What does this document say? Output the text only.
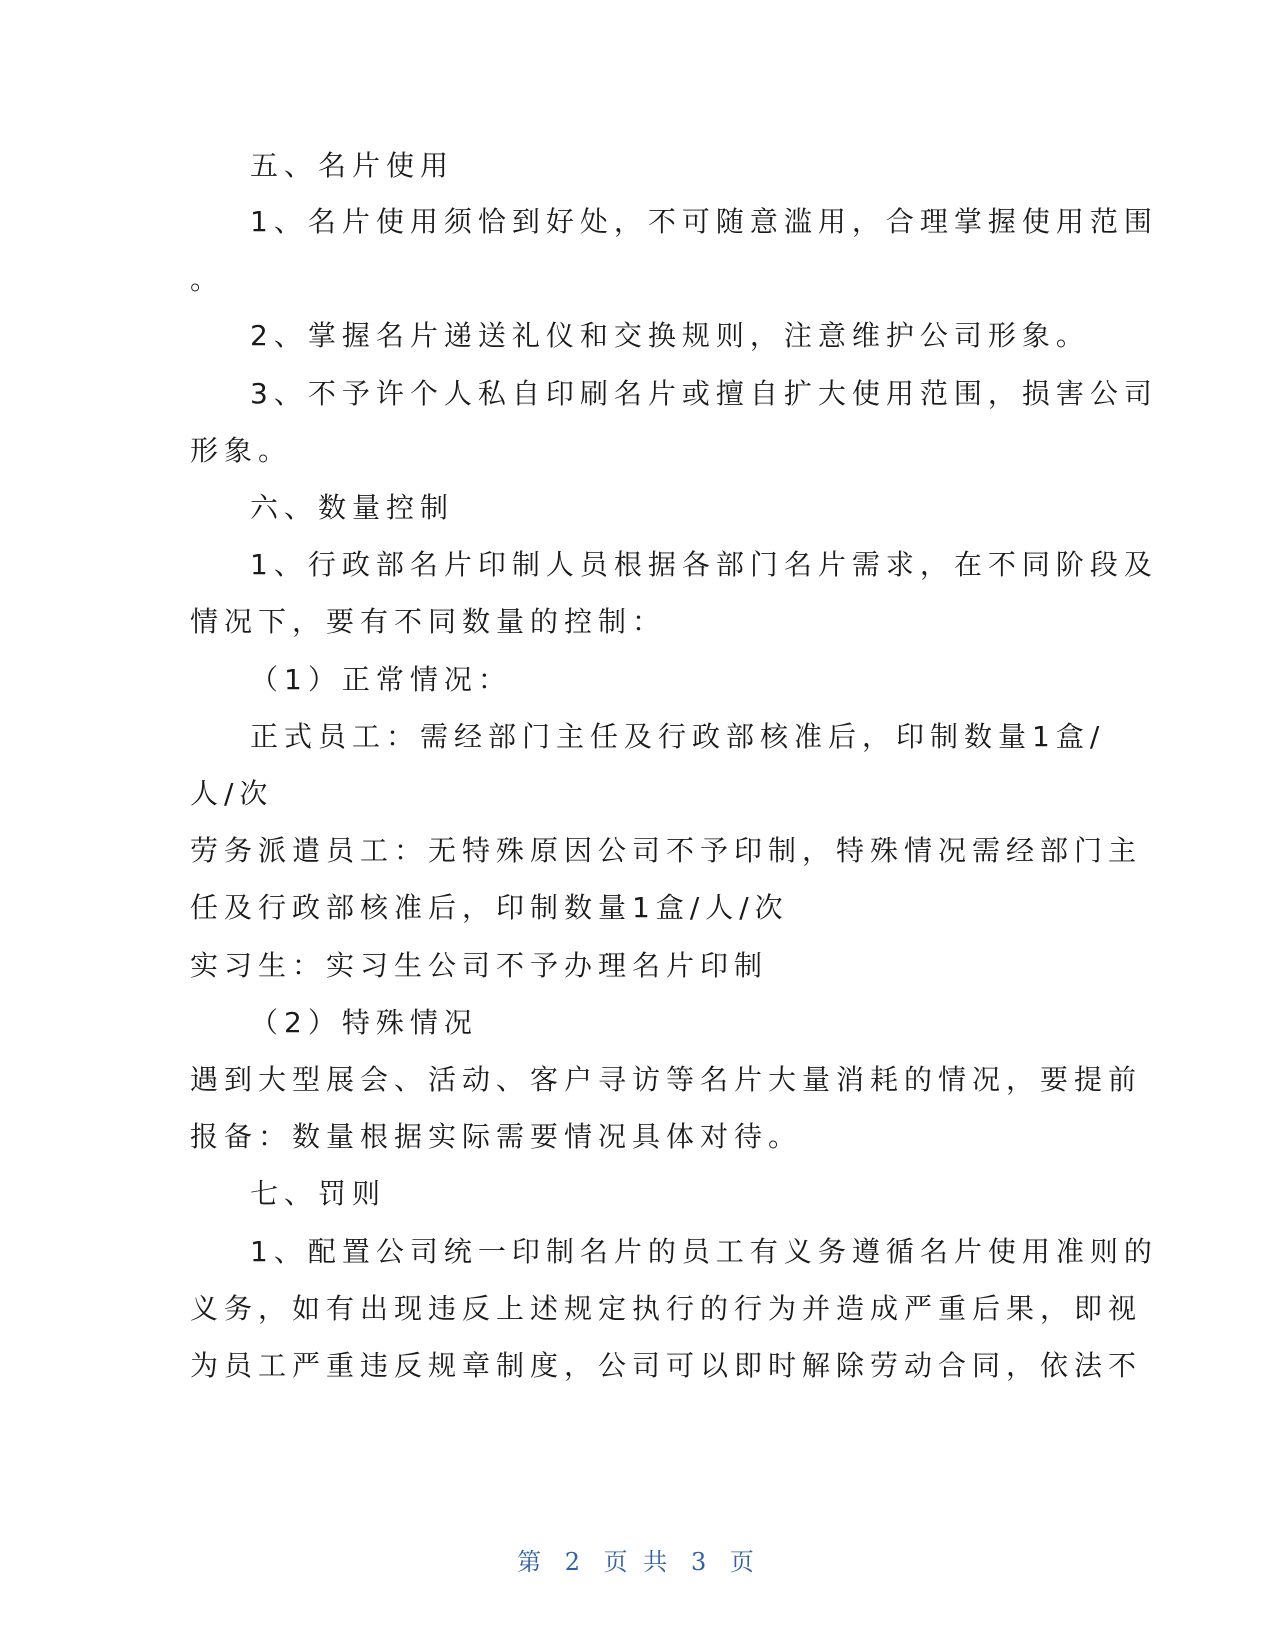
五、名片使用
1、名片使用须恰到好处，不可随意滥用，合理掌握使用范围
。
2、掌握名片递送礼仪和交换规则，注意维护公司形象。
3、不予许个人私自印刷名片或擅自扩大使用范围，损害公司
形象。
六、数量控制
1、行政部名片印制人员根据各部门名片需求，在不同阶段及
情况下，要有不同数量的控制：
（1）正常情况：
正式员工：需经部门主任及行政部核准后，印制数量1盒/
人/次
劳务派遣员工：无特殊原因公司不予印制，特殊情况需经部门主
任及行政部核准后，印制数量1盒/人/次
实习生：实习生公司不予办理名片印制
（2）特殊情况
遇到大型展会、活动、客户寻访等名片大量消耗的情况，要提前
报备：数量根据实际需要情况具体对待。
七、罚则
1、配置公司统一印制名片的员工有义务遵循名片使用准则的
义务，如有出现违反上述规定执行的行为并造成严重后果，即视
为员工严重违反规章制度，公司可以即时解除劳动合同，依法不
第 2 页 共 3 页
